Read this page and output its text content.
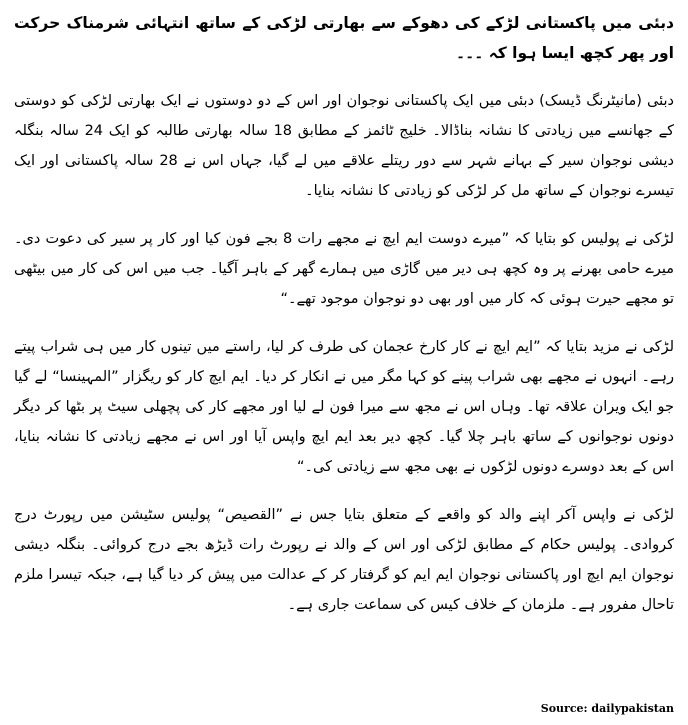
دبئی میں پاکستانی لڑکے کی دھوکے سے بھارتی لڑکی کے ساتھ انتہائی شرمناک حرکت اور پھر کچھ ایسا ہوا کہ ۔۔۔

دبئی (مانیٹرنگ ڈیسک) دبئی میں ایک پاکستانی نوجوان اور اس کے دو دوستوں نے ایک بھارتی لڑکی کو دوستی کے جھانسے میں زیادتی کا نشانہ بناڈالا۔ خلیج ٹائمز کے مطابق 18 سالہ بھارتی طالبہ کو ایک 24 سالہ بنگلہ دیشی نوجوان سیر کے بہانے شہر سے دور ریتلے علاقے میں لے گیا، جہاں اس نے 28 سالہ پاکستانی اور ایک تیسرے نوجوان کے ساتھ مل کر لڑکی کو زیادتی کا نشانہ بنایا۔

لڑکی نے پولیس کو بتایا کہ ”میرے دوست ایم ایچ نے مجھے رات 8 بجے فون کیا اور کار پر سیر کی دعوت دی۔ میرے حامی بھرنے پر وہ کچھ ہی دیر میں گاڑی میں ہمارے گھر کے باہر آگیا۔ جب میں اس کی کار میں بیٹھی تو مجھے حیرت ہوئی کہ کار میں اور بھی دو نوجوان موجود تھے۔“

لڑکی نے مزید بتایا کہ ”ایم ایچ نے کار کارخ عجمان کی طرف کر لیا، راستے میں تینوں کار میں ہی شراب پیتے رہے۔ انہوں نے مجھے بھی شراب پینے کو کہا مگر میں نے انکار کر دیا۔ ایم ایچ کار کو ریگزار ”المہینسا“ لے گیا جو ایک ویران علاقہ تھا۔ وہاں اس نے مجھ سے میرا فون لے لیا اور مجھے کار کی پچھلی سیٹ پر بٹھا کر دیگر دونوں نوجوانوں کے ساتھ باہر چلا گیا۔ کچھ دیر بعد ایم ایچ واپس آیا اور اس نے مجھے زیادتی کا نشانہ بنایا، اس کے بعد دوسرے دونوں لڑکوں نے بھی مجھ سے زیادتی کی۔“

لڑکی نے واپس آکر اپنے والد کو واقعے کے متعلق بتایا جس نے ”القصیص“ پولیس سٹیشن میں رپورٹ درج کروادی۔ پولیس حکام کے مطابق لڑکی اور اس کے والد نے رپورٹ رات ڈیڑھ بجے درج کروائی۔ بنگلہ دیشی نوجوان ایم ایچ اور پاکستانی نوجوان ایم ایم کو گرفتار کر کے عدالت میں پیش کر دیا گیا ہے، جبکہ تیسرا ملزم تاحال مفرور ہے۔ ملزمان کے خلاف کیس کی سماعت جاری ہے۔

Source: dailypakistan
